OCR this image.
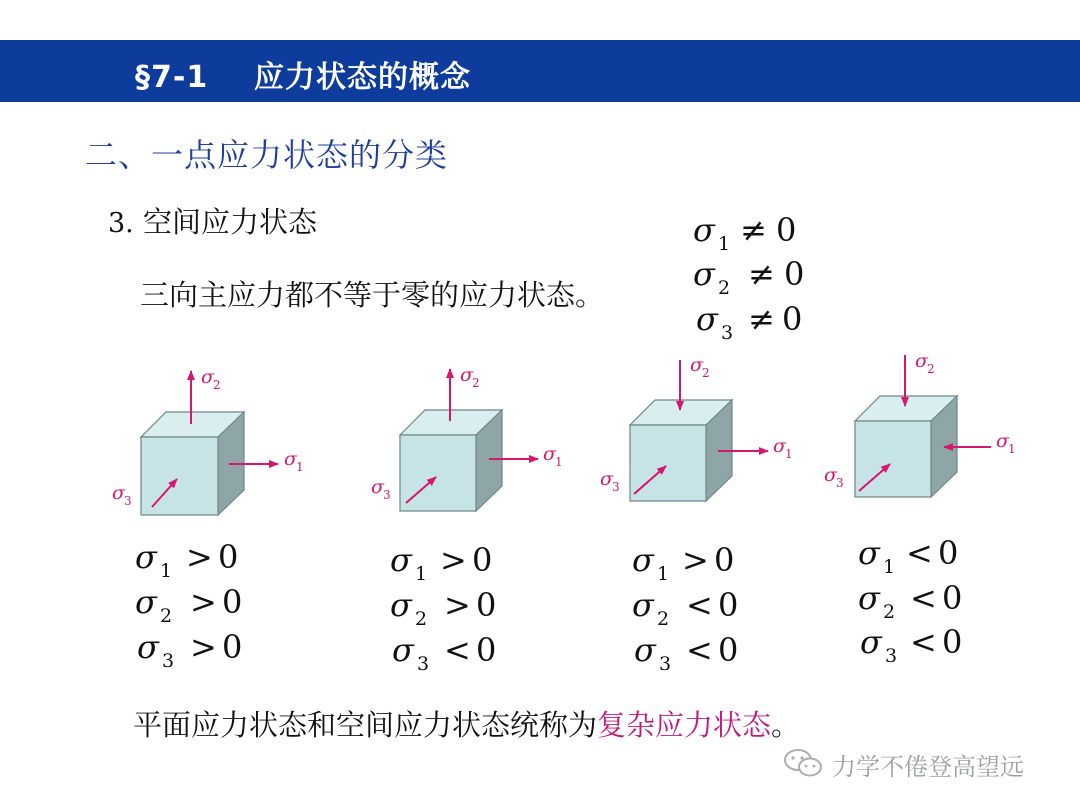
§7-1 应力状态的概念
二、一点应力状态的分类
3. 空间应力状态
三向主应力都不等于零的应力状态。
σ 1 ≠ 0
σ 2 ≠ 0
σ 3 ≠ 0
σ 2
σ 1
σ 3
σ 2
σ 1
σ 3
σ 2
σ 1
σ 3
σ 2
σ 1
σ 3
σ 1 > 0
σ 2 > 0
σ 3 > 0
σ 1 > 0
σ 2 > 0
σ 3 < 0
σ 1 > 0
σ 2 < 0
σ 3 < 0
σ 1 < 0
σ 2 < 0
σ 3 < 0
平面应力状态和空间应力状态统称为复杂应力状态。
力学不倦登高望远
